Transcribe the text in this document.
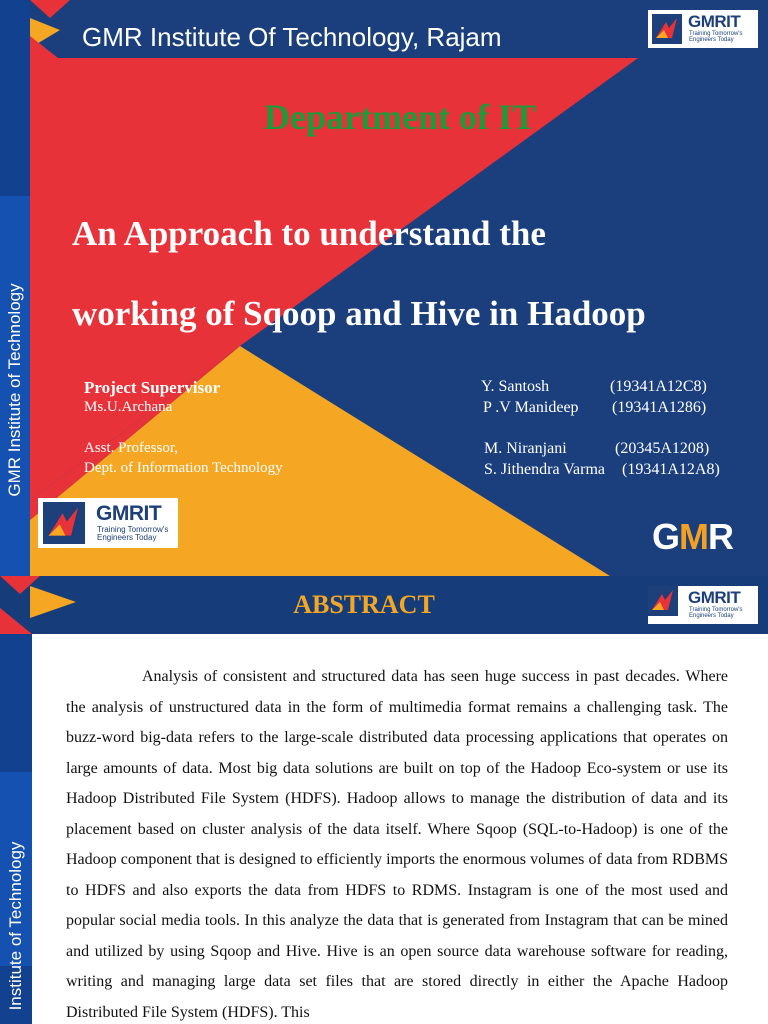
GMR Institute of Technology
GMR Institute Of Technology, Rajam
GMRIT
Training Tomorrow's
Engineers Today
Department of IT
An Approach to understand the
working of Sqoop and Hive in Hadoop
Project Supervisor
Ms.U.Archana
Asst. Professor,
Dept. of Information Technology
Y. Santosh	(19341A12C8)
P .V Manideep (19341A1286)
M. Niranjani	(20345A1208)
S. Jithendra Varma (19341A12A8)
GMRIT
Training Tomorrow's
Engineers Today	GMR
ABSTRACT	GMRIT
Training Tomorrow's
Engineers Today
Institute of Technology

Analysis of consistent and structured data has seen huge success in past decades. Where the analysis of unstructured data in the form of multimedia format remains a challenging task. The buzz-word big-data refers to the large-scale distributed data processing applications that operates on large amounts of data. Most big data solutions are built on top of the Hadoop Eco-system or use its Hadoop Distributed File System (HDFS). Hadoop allows to manage the distribution of data and its placement based on cluster analysis of the data itself. Where Sqoop (SQL-to-Hadoop) is one of the Hadoop component that is designed to efficiently imports the enormous volumes of data from RDBMS to HDFS and also exports the data from HDFS to RDMS. Instagram is one of the most used and popular social media tools. In this analyze the data that is generated from Instagram that can be mined and utilized by using Sqoop and Hive. Hive is an open source data warehouse software for reading, writing and managing large data set files that are stored directly in either the Apache Hadoop Distributed File System (HDFS). This
